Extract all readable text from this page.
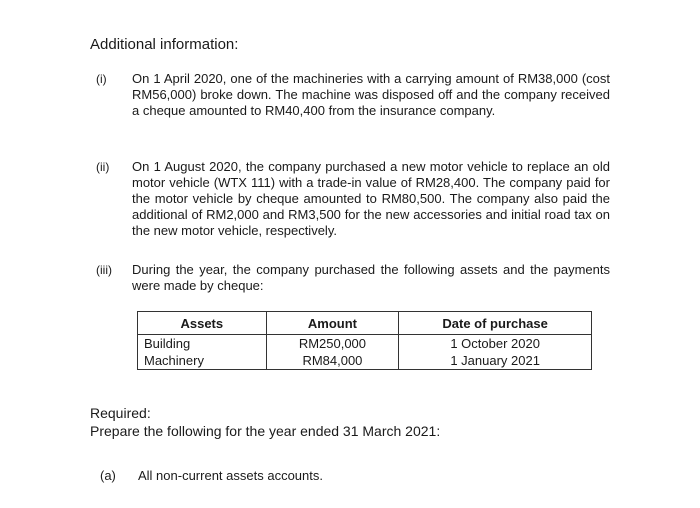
Additional information:
(i) On 1 April 2020, one of the machineries with a carrying amount of RM38,000 (cost RM56,000) broke down. The machine was disposed off and the company received a cheque amounted to RM40,400 from the insurance company.
(ii) On 1 August 2020, the company purchased a new motor vehicle to replace an old motor vehicle (WTX 111) with a trade-in value of RM28,400. The company paid for the motor vehicle by cheque amounted to RM80,500. The company also paid the additional of RM2,000 and RM3,500 for the new accessories and initial road tax on the new motor vehicle, respectively.
(iii) During the year, the company purchased the following assets and the payments were made by cheque:
Assets	Amount	Date of purchase
Building	RM250,000	1 October 2020
Machinery	RM84,000	1 January 2021
Required:
Prepare the following for the year ended 31 March 2021:
(a) All non-current assets accounts.
